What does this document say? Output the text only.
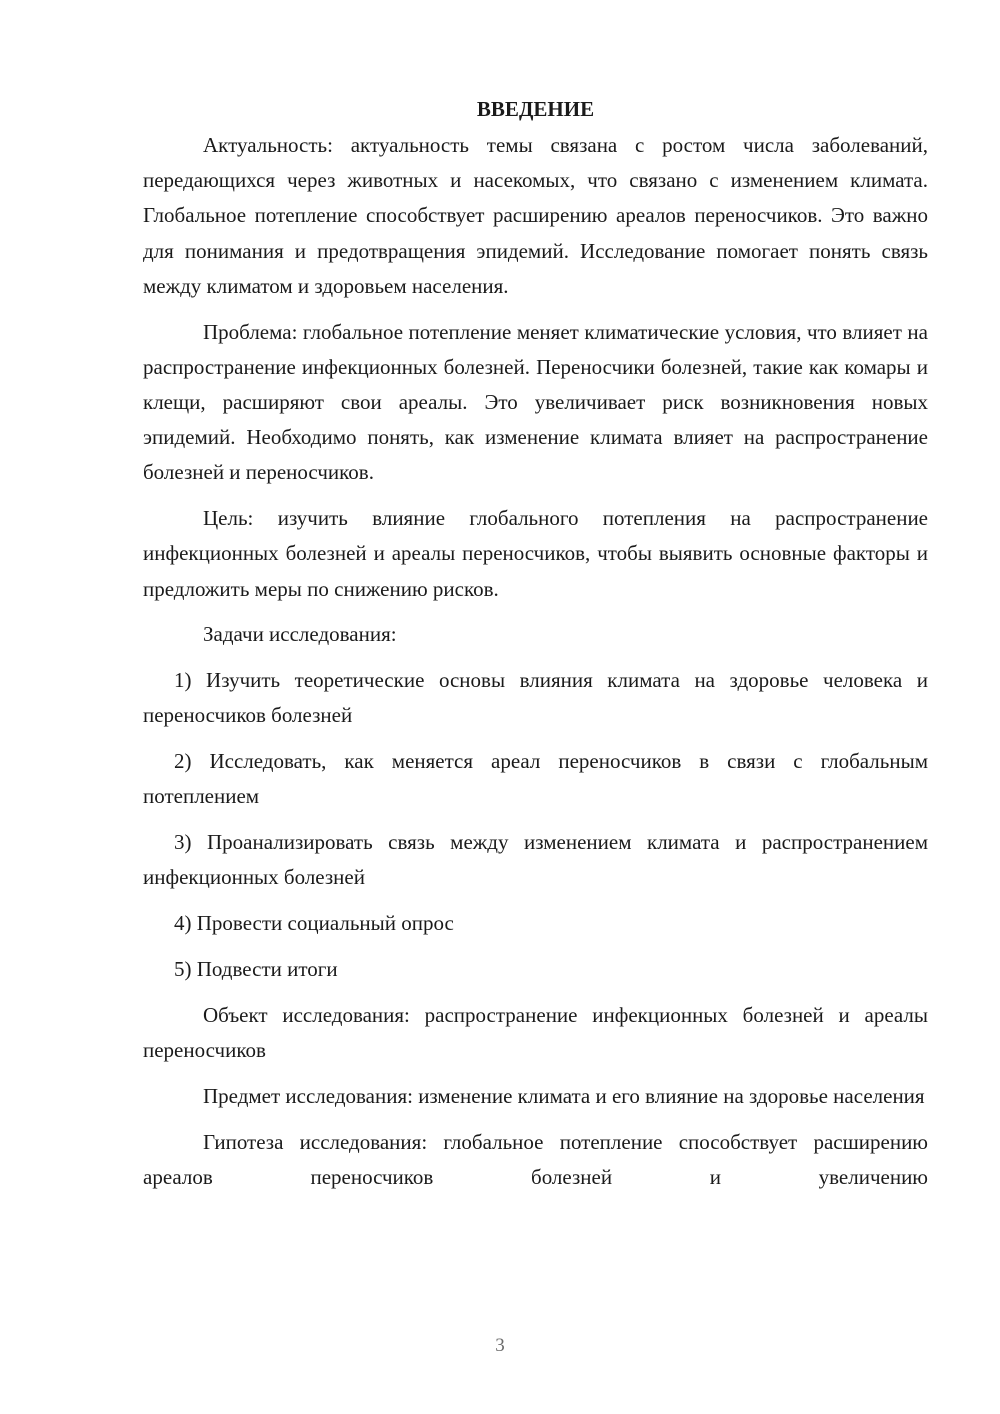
ВВЕДЕНИЕ

Актуальность: актуальность темы связана с ростом числа заболеваний, передающихся через животных и насекомых, что связано с изменением климата. Глобальное потепление способствует расширению ареалов переносчиков. Это важно для понимания и предотвращения эпидемий. Исследование помогает понять связь между климатом и здоровьем населения.

Проблема: глобальное потепление меняет климатические условия, что влияет на распространение инфекционных болезней. Переносчики болезней, такие как комары и клещи, расширяют свои ареалы. Это увеличивает риск возникновения новых эпидемий. Необходимо понять, как изменение климата влияет на распространение болезней и переносчиков.

Цель: изучить влияние глобального потепления на распространение инфекционных болезней и ареалы переносчиков, чтобы выявить основные факторы и предложить меры по снижению рисков.

Задачи исследования:

1) Изучить теоретические основы влияния климата на здоровье человека и переносчиков болезней

2) Исследовать, как меняется ареал переносчиков в связи с глобальным потеплением

3) Проанализировать связь между изменением климата и распространением инфекционных болезней

4) Провести социальный опрос

5) Подвести итоги

Объект исследования: распространение инфекционных болезней и ареалы переносчиков

Предмет исследования: изменение климата и его влияние на здоровье населения

Гипотеза исследования: глобальное потепление способствует расширению ареалов переносчиков болезней и увеличению

3
